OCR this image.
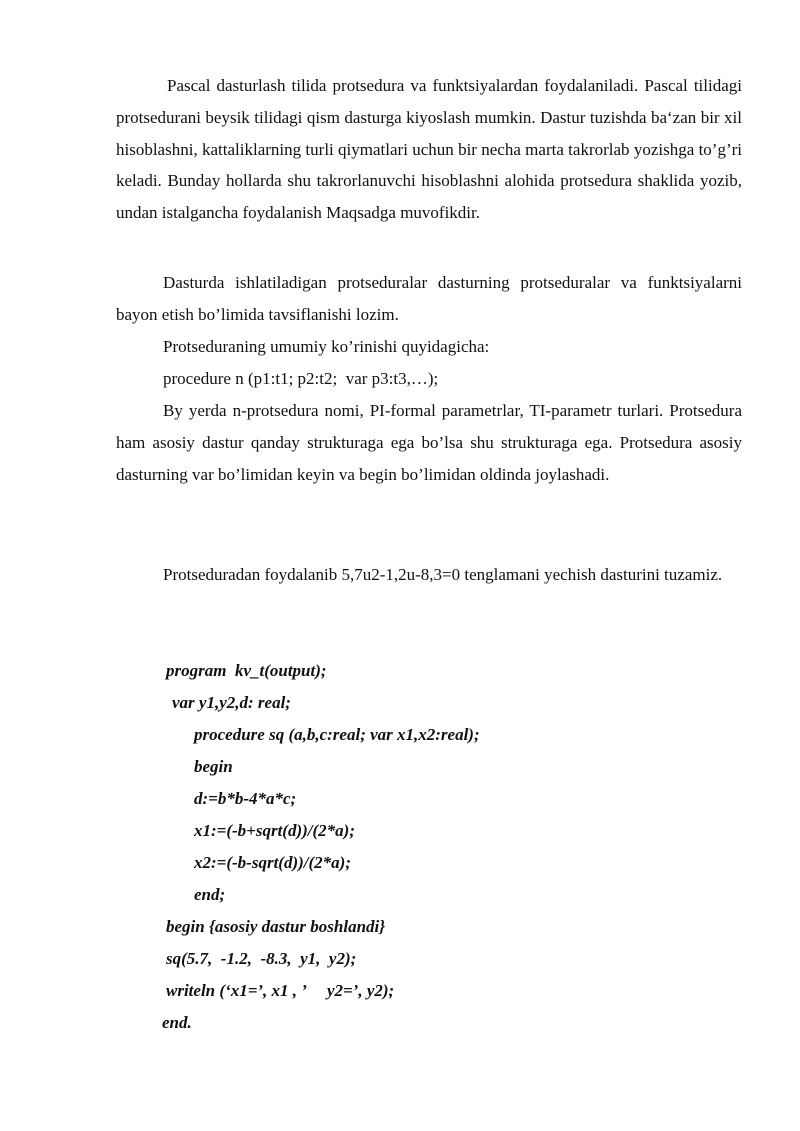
Pascal dasturlash tilida protsedura va funktsiyalardan foydalaniladi. Pascal tilidagi protsedurani beysik tilidagi qism dasturga kiyoslash mumkin. Dastur tuzishda ba‘zan bir xil hisoblashni, kattaliklarning turli qiymatlari uchun bir necha marta takrorlab yozishga to’g’ri keladi. Bunday hollarda shu takrorlanuvchi hisoblashni alohida protsedura shaklida yozib, undan istalgancha foydalanish Maqsadga muvofikdir.

Dasturda ishlatiladigan protseduralar dasturning protseduralar va funktsiyalarni bayon etish bo’limida tavsiflanishi lozim.

Protseduraning umumiy ko’rinishi quyidagicha:

procedure n (p1:t1; p2:t2;  var p3:t3,…);

By yerda n-protsedura nomi, PI-formal parametrlar, TI-parametr turlari. Protsedura ham asosiy dastur qanday strukturaga ega bo’lsa shu strukturaga ega. Protsedura asosiy dasturning var bo’limidan keyin va begin bo’limidan oldinda joylashadi.

Protseduradan foydalanib 5,7u2-1,2u-8,3=0 tenglamani yechish dasturini tuzamiz.

program  kv_t(output);

var y1,y2,d: real;

procedure sq (a,b,c:real; var x1,x2:real);

begin

d:=b*b-4*a*c;

x1:=(-b+sqrt(d))/(2*a);

x2:=(-b-sqrt(d))/(2*a);

end;

begin {asosiy dastur boshlandi}

sq(5.7,  -1.2,  -8.3,  y1,  y2);

writeln (‘x1=’, x1 , ’     y2=’, y2);

end.
